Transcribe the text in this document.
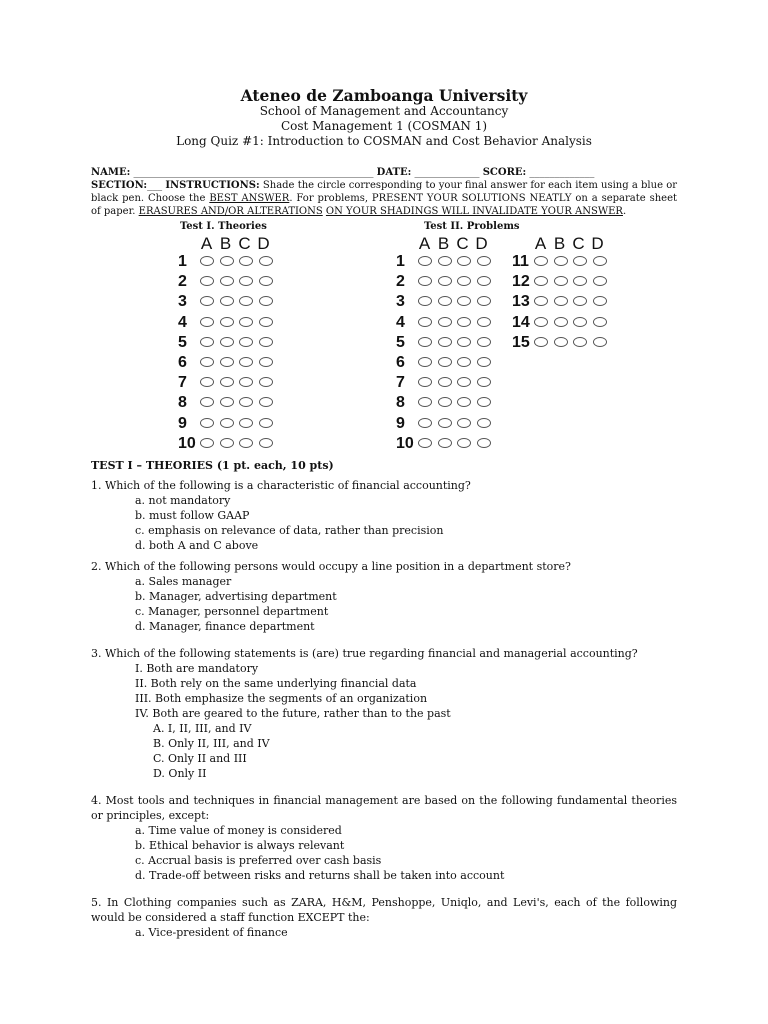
Ateneo de Zamboanga University
School of Management and Accountancy
Cost Management 1 (COSMAN 1)
Long Quiz #1: Introduction to COSMAN and Cost Behavior Analysis
NAME: ________________________________________________ DATE: _____________ SCORE: _____________
SECTION:___ INSTRUCTIONS: Shade the circle corresponding to your final answer for each item using a blue or black pen. Choose the BEST ANSWER. For problems, PRESENT YOUR SOLUTIONS NEATLY on a separate sheet of paper. ERASURES AND/OR ALTERATIONS ON YOUR SHADINGS WILL INVALIDATE YOUR ANSWER.
Test I. Theories	Test II. Problems
A B C D
1
2
3
4
5
6
7
8
9
10
A B C D
1
2
3
4
5
6
7
8
9
10
A B C D
11
12
13
14
15

TEST I – THEORIES (1 pt. each, 10 pts)

1. Which of the following is a characteristic of financial accounting?

a. not mandatory

b. must follow GAAP

c. emphasis on relevance of data, rather than precision

d. both A and C above

2. Which of the following persons would occupy a line position in a department store?

a. Sales manager

b. Manager, advertising department

c. Manager, personnel department

d. Manager, finance department

3. Which of the following statements is (are) true regarding financial and managerial accounting?

I. Both are mandatory

II. Both rely on the same underlying financial data

III. Both emphasize the segments of an organization

IV. Both are geared to the future, rather than to the past

A. I, II, III, and IV

B. Only II, III, and IV

C. Only II and III

D. Only II

4. Most tools and techniques in financial management are based on the following fundamental theories or principles, except:

a. Time value of money is considered

b. Ethical behavior is always relevant

c. Accrual basis is preferred over cash basis

d. Trade-off between risks and returns shall be taken into account

5. In Clothing companies such as ZARA, H&M, Penshoppe, Uniqlo, and Levi's, each of the following would be considered a staff function EXCEPT the:

a. Vice-president of finance
